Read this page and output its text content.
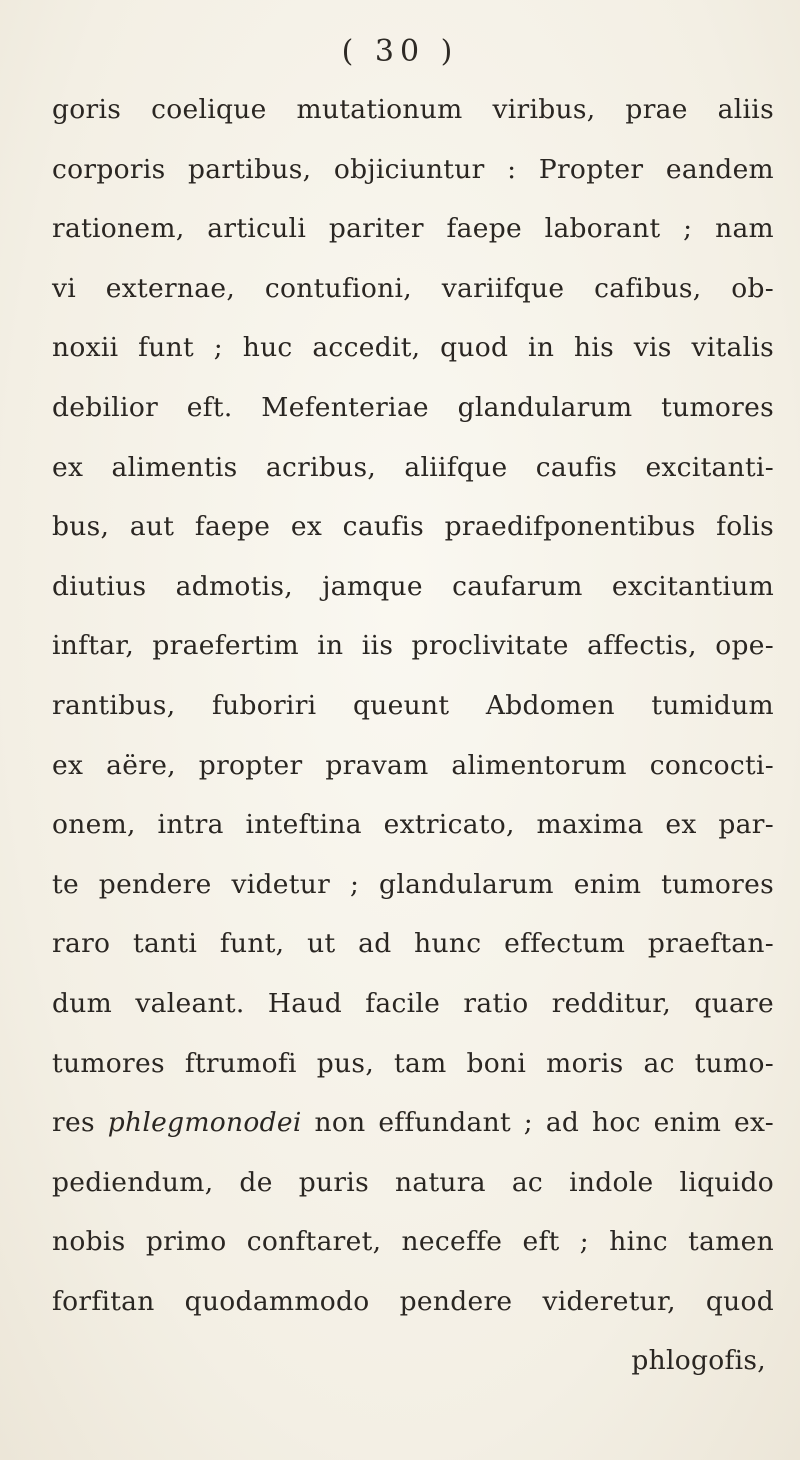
( 30 )
goris coelique mutationum viribus, prae aliis
corporis partibus, objiciuntur : Propter eandem
rationem, articuli pariter faepe laborant ; nam
vi externae, contufioni, variifque cafibus, ob-
noxii funt ; huc accedit, quod in his vis vitalis
debilior eft. Mefenteriae glandularum tumores
ex alimentis acribus, aliifque caufis excitanti-
bus, aut faepe ex caufis praedifponentibus folis
diutius admotis, jamque caufarum excitantium
inftar, praefertim in iis proclivitate affectis, ope-
rantibus, fuboriri queunt Abdomen tumidum
ex aëre, propter pravam alimentorum concocti-
onem, intra inteftina extricato, maxima ex par-
te pendere videtur ; glandularum enim tumores
raro tanti funt, ut ad hunc effectum praeftan-
dum valeant. Haud facile ratio redditur, quare
tumores ftrumofi pus, tam boni moris ac tumo-
res phlegmonodei non effundant ; ad hoc enim ex-
pediendum, de puris natura ac indole liquido
nobis primo conftaret, neceffe eft ; hinc tamen
forfitan quodammodo pendere videretur, quod
phlogofis,
